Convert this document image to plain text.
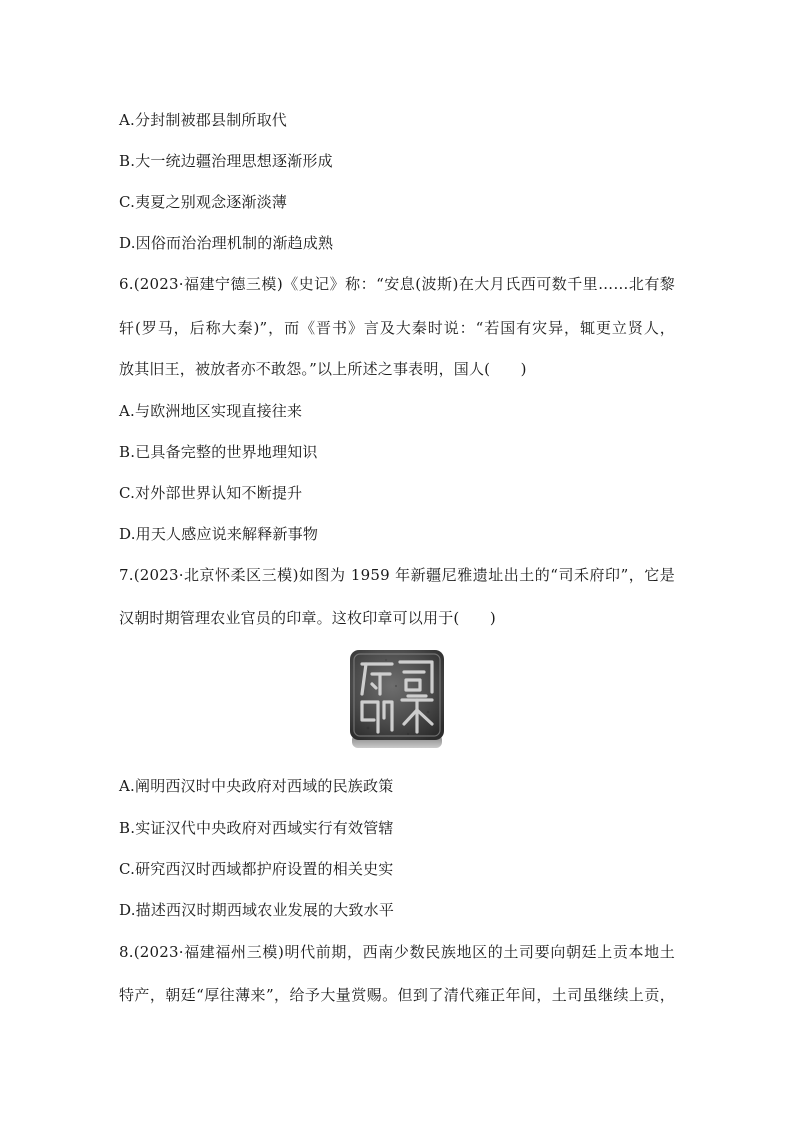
A.分封制被郡县制所取代
B.大一统边疆治理思想逐渐形成
C.夷夏之别观念逐渐淡薄
D.因俗而治治理机制的渐趋成熟
6.(2023·福建宁德三模)《史记》称：“安息(波斯)在大月氏西可数千里……北有黎
轩(罗马，后称大秦)”，而《晋书》言及大秦时说：“若国有灾异，辄更立贤人，
放其旧王，被放者亦不敢怨。”以上所述之事表明，国人(　　)
A.与欧洲地区实现直接往来
B.已具备完整的世界地理知识
C.对外部世界认知不断提升
D.用天人感应说来解释新事物
7.(2023·北京怀柔区三模)如图为 1959 年新疆尼雅遗址出土的“司禾府印”，它是
汉朝时期管理农业官员的印章。这枚印章可以用于(　　)
A.阐明西汉时中央政府对西域的民族政策
B.实证汉代中央政府对西域实行有效管辖
C.研究西汉时西域都护府设置的相关史实
D.描述西汉时期西域农业发展的大致水平
8.(2023·福建福州三模)明代前期，西南少数民族地区的土司要向朝廷上贡本地土
特产，朝廷“厚往薄来”，给予大量赏赐。但到了清代雍正年间，土司虽继续上贡，
